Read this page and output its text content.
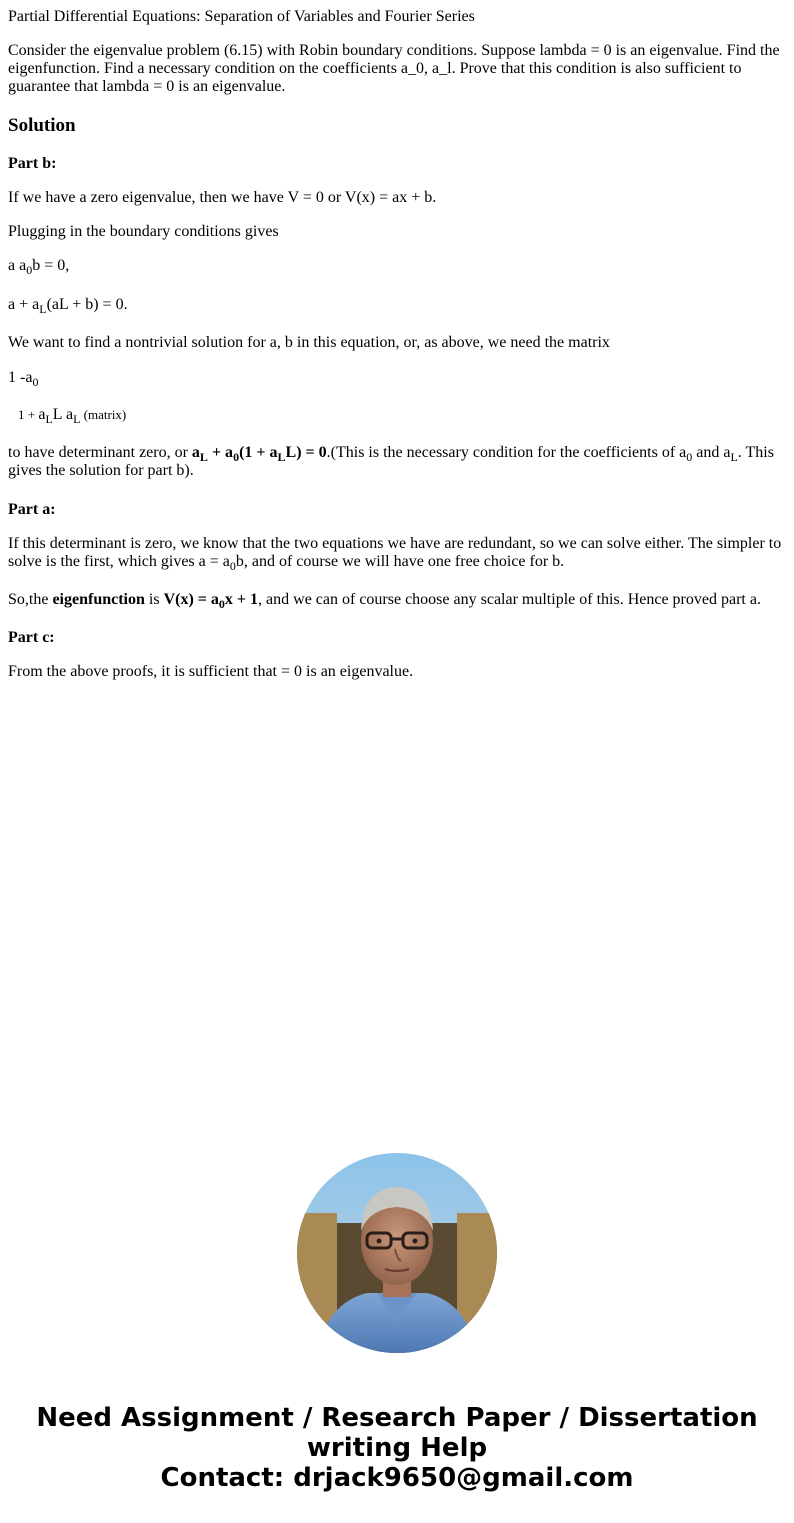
Partial Differential Equations: Separation of Variables and Fourier Series

Consider the eigenvalue problem (6.15) with Robin boundary conditions. Suppose lambda = 0 is an eigenvalue. Find the eigenfunction. Find a necessary condition on the coefficients a_0, a_l. Prove that this condition is also sufficient to guarantee that lambda = 0 is an eigenvalue.

Solution

Part b:

If we have a zero eigenvalue, then we have V = 0 or V(x) = ax + b.

Plugging in the boundary conditions gives

a $a_0b = 0$,

$a + a_L(aL + b) = 0$.

We want to find a nontrivial solution for a, b in this equation, or, as above, we need the matrix

1 $-a_0$

$1 + a_LL$ $a_L$ (matrix)

to have determinant zero, or $a_L + a_0(1 + a_LL)$ = 0.(This is the necessary condition for the coefficients of $a_0$ and $a_L$. This gives the solution for part b).

Part a:

If this determinant is zero, we know that the two equations we have are redundant, so we can solve either. The simpler to solve is the first, which gives $a = a_0b$, and of course we will have one free choice for b.

So,the eigenfunction is $V(x) = a_0x + 1$, and we can of course choose any scalar multiple of this. Hence proved part a.

Part c:

From the above proofs, it is sufficient that = 0 is an eigenvalue.

Need Assignment / Research Paper / Dissertation
writing Help
Contact: drjack9650@gmail.com
